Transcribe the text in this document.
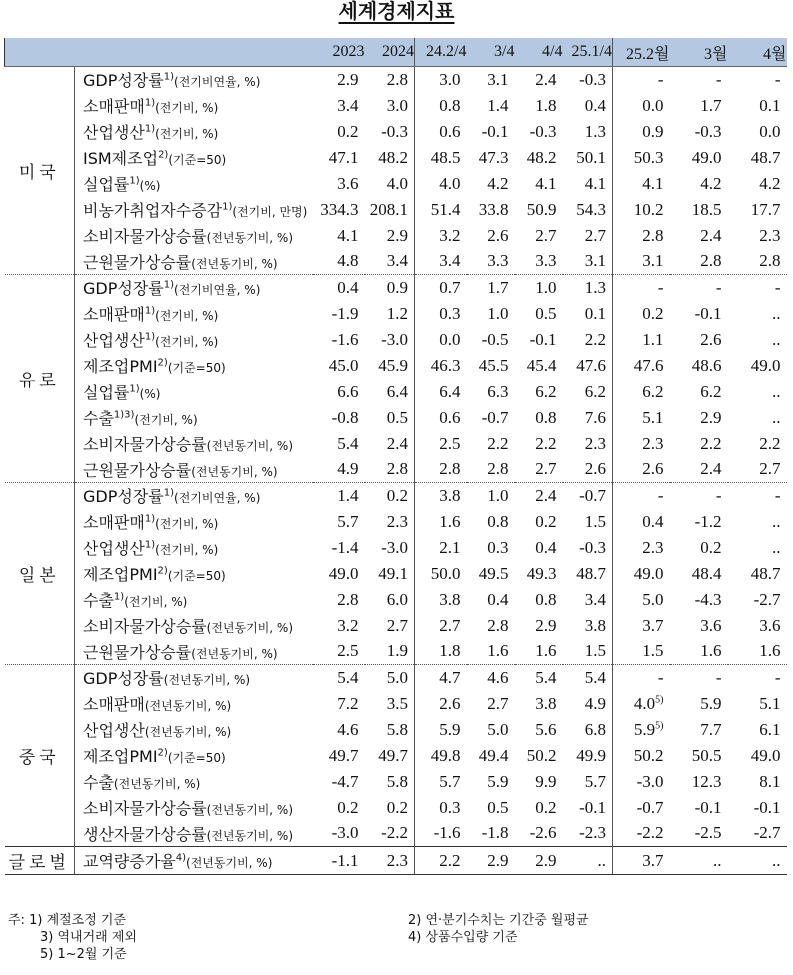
세계경제지표
		2023	2024	24.2/4	3/4	4/4	25.1/4	25.2월	3월	4월
미국	GDP성장률$^{1)}$(전기비연율, %)	2.9	2.8	3.0	3.1	2.4	-0.3	-	-	-
	소매판매$^{1)}$(전기비, %)	3.4	3.0	0.8	1.4	1.8	0.4	0.0	1.7	0.1
	산업생산$^{1)}$(전기비, %)	0.2	-0.3	0.6	-0.1	-0.3	1.3	0.9	-0.3	0.0
	ISM제조업$^{2)}$(기준=50)	47.1	48.2	48.5	47.3	48.2	50.1	50.3	49.0	48.7
	실업률$^{1)}$(%)	3.6	4.0	4.0	4.2	4.1	4.1	4.1	4.2	4.2
	비농가취업자수증감$^{1)}$(전기비, 만명)	334.3	208.1	51.4	33.8	50.9	54.3	10.2	18.5	17.7
	소비자물가상승률(전년동기비, %)	4.1	2.9	3.2	2.6	2.7	2.7	2.8	2.4	2.3
	근원물가상승률(전년동기비, %)	4.8	3.4	3.4	3.3	3.3	3.1	3.1	2.8	2.8
유로	GDP성장률$^{1)}$(전기비연율, %)	0.4	0.9	0.7	1.7	1.0	1.3	-	-	-
	소매판매$^{1)}$(전기비, %)	-1.9	1.2	0.3	1.0	0.5	0.1	0.2	-0.1	..
	산업생산$^{1)}$(전기비, %)	-1.6	-3.0	0.0	-0.5	-0.1	2.2	1.1	2.6	..
	제조업PMI$^{2)}$(기준=50)	45.0	45.9	46.3	45.5	45.4	47.6	47.6	48.6	49.0
	실업률$^{1)}$(%)	6.6	6.4	6.4	6.3	6.2	6.2	6.2	6.2	..
	수출$^{1)3)}$(전기비, %)	-0.8	0.5	0.6	-0.7	0.8	7.6	5.1	2.9	..
	소비자물가상승률(전년동기비, %)	5.4	2.4	2.5	2.2	2.2	2.3	2.3	2.2	2.2
	근원물가상승률(전년동기비, %)	4.9	2.8	2.8	2.8	2.7	2.6	2.6	2.4	2.7
일본	GDP성장률$^{1)}$(전기비연율, %)	1.4	0.2	3.8	1.0	2.4	-0.7	-	-	-
	소매판매$^{1)}$(전기비, %)	5.7	2.3	1.6	0.8	0.2	1.5	0.4	-1.2	..
	산업생산$^{1)}$(전기비, %)	-1.4	-3.0	2.1	0.3	0.4	-0.3	2.3	0.2	..
	제조업PMI$^{2)}$(기준=50)	49.0	49.1	50.0	49.5	49.3	48.7	49.0	48.4	48.7
	수출$^{1)}$(전기비, %)	2.8	6.0	3.8	0.4	0.8	3.4	5.0	-4.3	-2.7
	소비자물가상승률(전년동기비, %)	3.2	2.7	2.7	2.8	2.9	3.8	3.7	3.6	3.6
	근원물가상승률(전년동기비, %)	2.5	1.9	1.8	1.6	1.6	1.5	1.5	1.6	1.6
중국	GDP성장률(전년동기비, %)	5.4	5.0	4.7	4.6	5.4	5.4	-	-	-
	소매판매(전년동기비, %)	7.2	3.5	2.6	2.7	3.8	4.9	4.0$^{5)}$	5.9	5.1
	산업생산(전년동기비, %)	4.6	5.8	5.9	5.0	5.6	6.8	5.9$^{5)}$	7.7	6.1
	제조업PMI$^{2)}$(기준=50)	49.7	49.7	49.8	49.4	50.2	49.9	50.2	50.5	49.0
	수출(전년동기비, %)	-4.7	5.8	5.7	5.9	9.9	5.7	-3.0	12.3	8.1
	소비자물가상승률(전년동기비, %)	0.2	0.2	0.3	0.5	0.2	-0.1	-0.7	-0.1	-0.1
	생산자물가상승률(전년동기비, %)	-3.0	-2.2	-1.6	-1.8	-2.6	-2.3	-2.2	-2.5	-2.7
글로벌	교역량증가율$^{4)}$(전년동기비, %)	-1.1	2.3	2.2	2.9	2.9	..	3.7	..	..
주: 1) 계절조정 기준	2) 연·분기수치는 기간중 월평균
3) 역내거래 제외	4) 상품수입량 기준
5) 1~2월 기준
